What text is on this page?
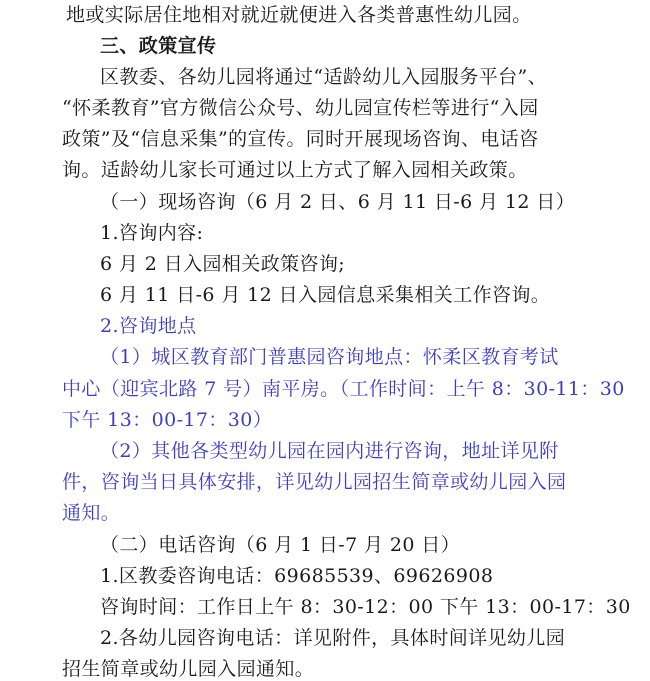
地或实际居住地相对就近就便进入各类普惠性幼儿园。
三、政策宣传
区教委、各幼儿园将通过“适龄幼儿入园服务平台”、
“怀柔教育”官方微信公众号、幼儿园宣传栏等进行“入园
政策”及“信息采集”的宣传。同时开展现场咨询、电话咨
询。适龄幼儿家长可通过以上方式了解入园相关政策。
（一）现场咨询（6 月 2 日、6 月 11 日-6 月 12 日）
1.咨询内容:
6 月 2 日入园相关政策咨询;
6 月 11 日-6 月 12 日入园信息采集相关工作咨询。
2.咨询地点
（1）城区教育部门普惠园咨询地点：怀柔区教育考试
中心（迎宾北路 7 号）南平房。（工作时间：上午 8：30-11：30
下午 13：00-17：30）
（2）其他各类型幼儿园在园内进行咨询，地址详见附
件，咨询当日具体安排，详见幼儿园招生简章或幼儿园入园
通知。
（二）电话咨询（6 月 1 日-7 月 20 日）
1.区教委咨询电话：69685539、69626908
咨询时间：工作日上午 8：30-12：00 下午 13：00-17：30
2.各幼儿园咨询电话：详见附件，具体时间详见幼儿园
招生简章或幼儿园入园通知。
